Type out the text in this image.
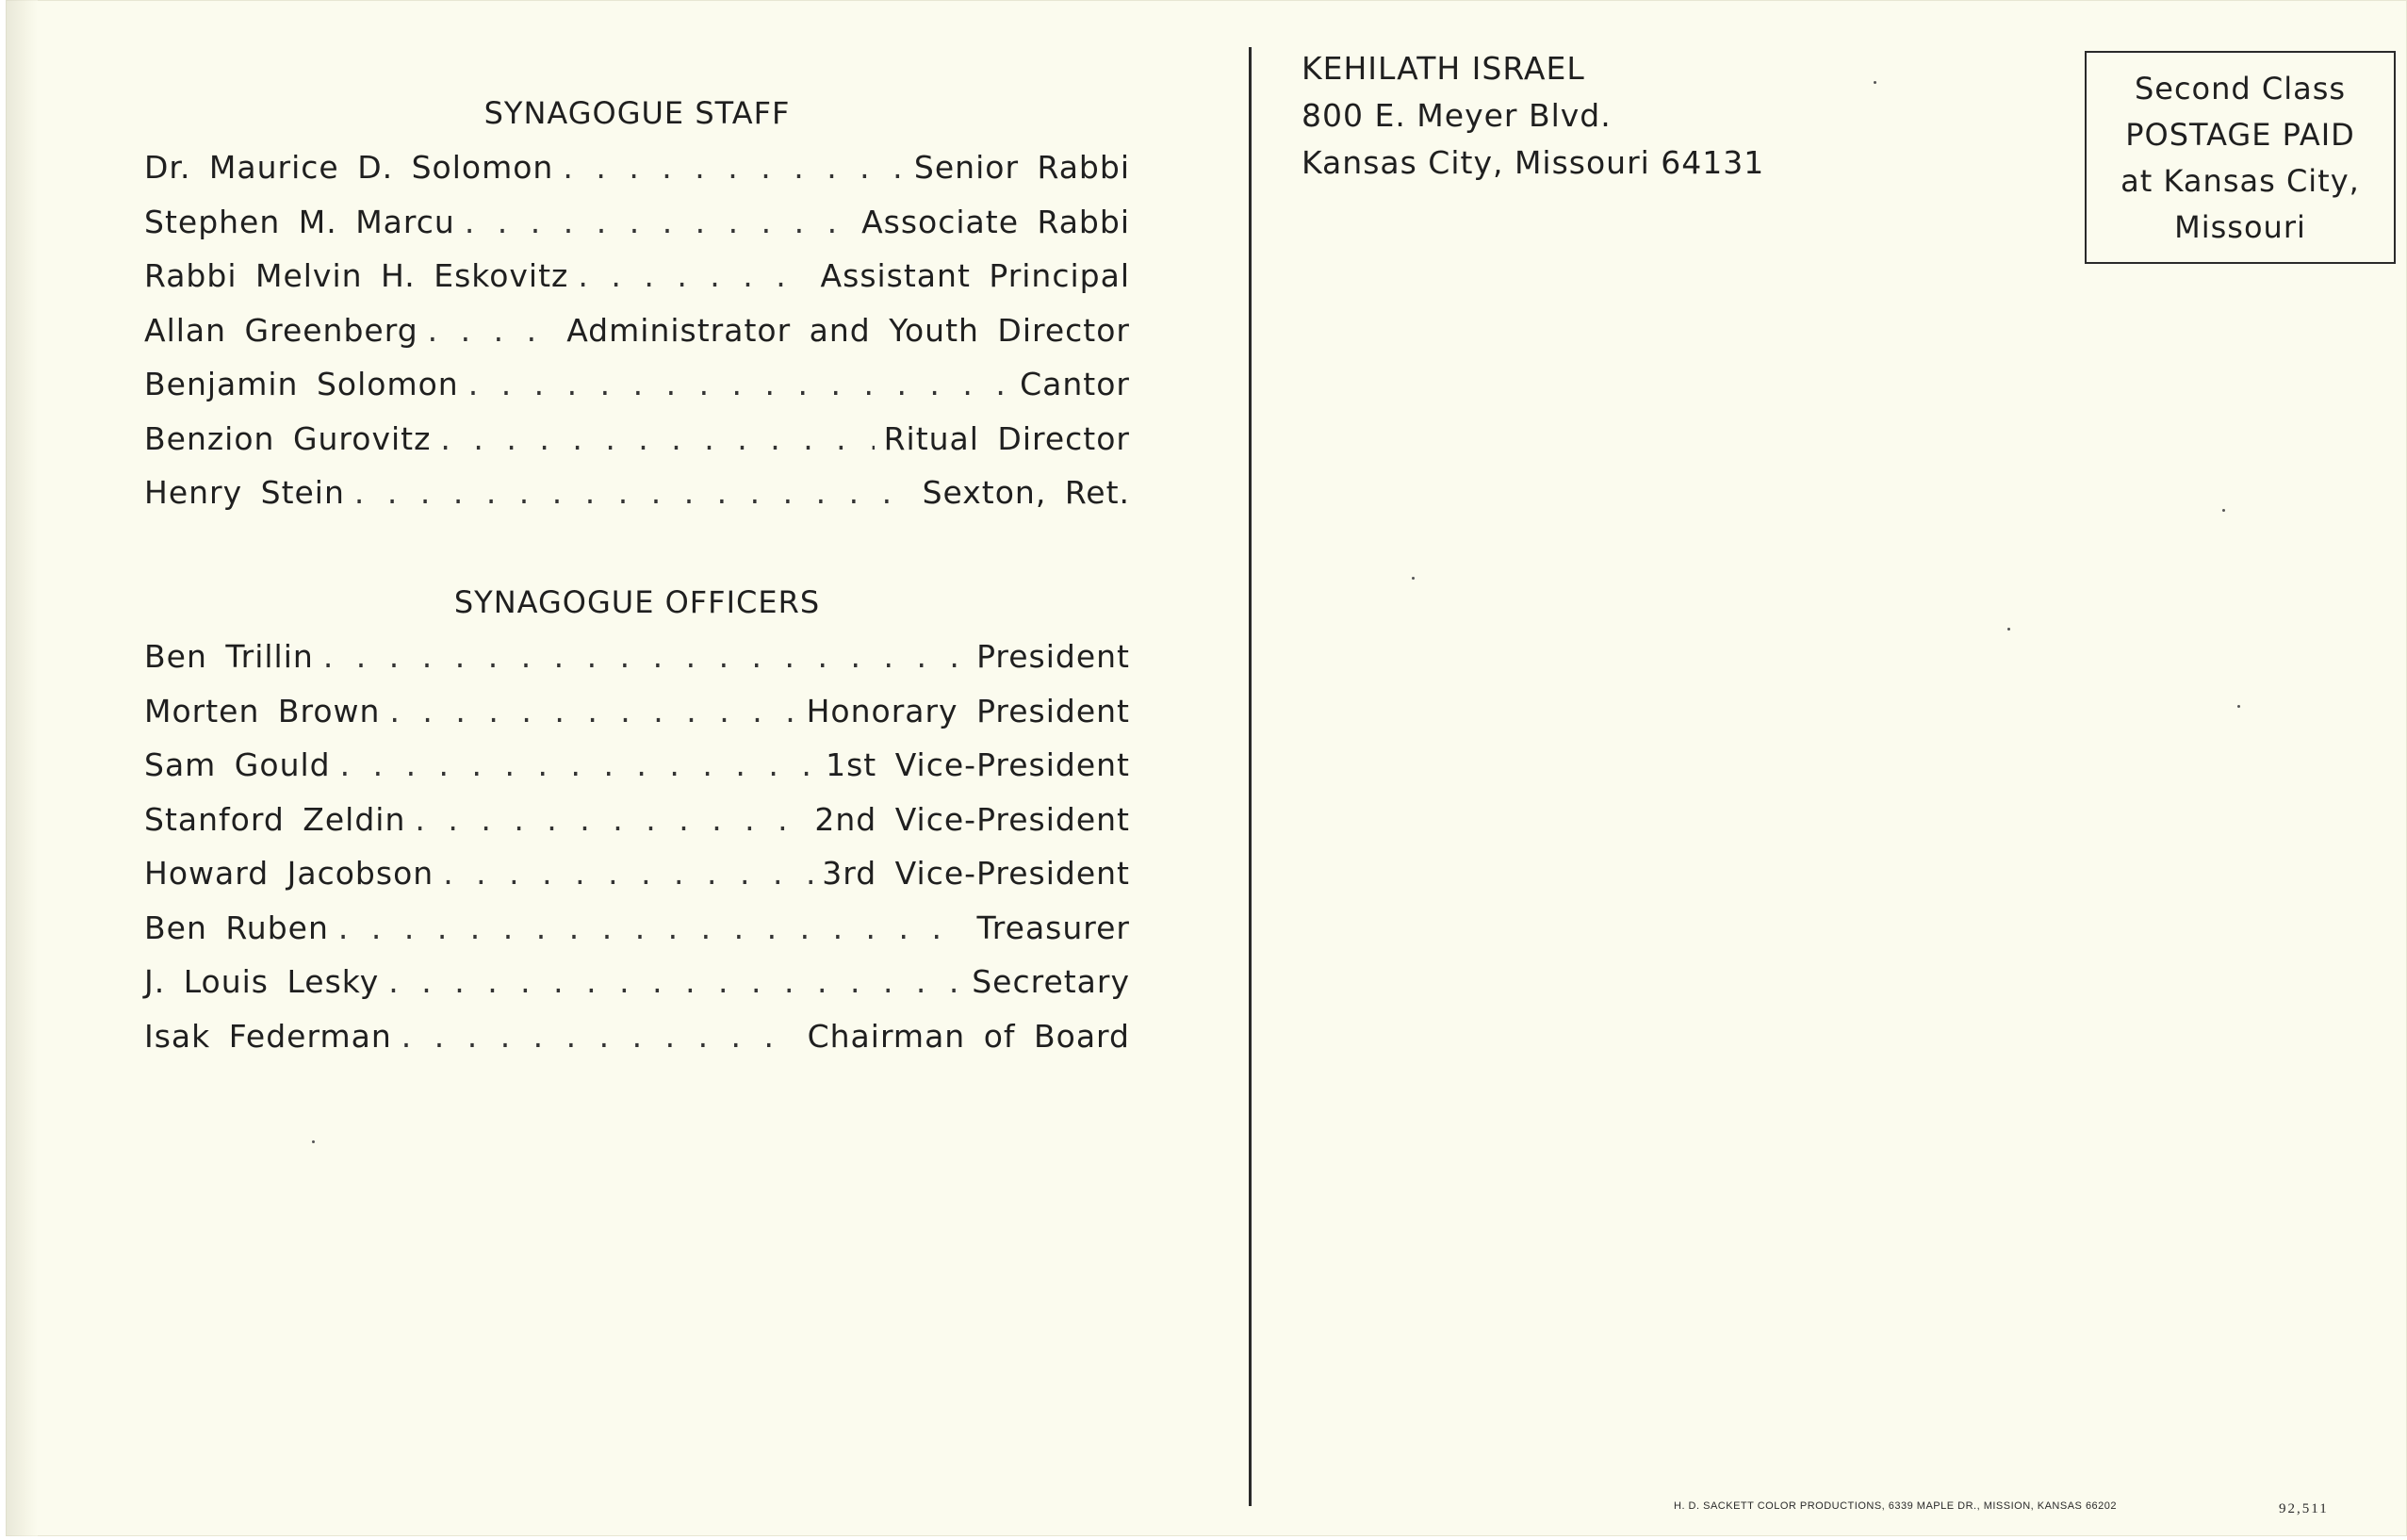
SYNAGOGUE STAFF
Dr. Maurice D. Solomon . . .	Senior Rabbi
Stephen M. Marcu . . .	Associate Rabbi
Rabbi Melvin H. Eskovitz . . .	Assistant Principal
Allan Greenberg . . .	Administrator and Youth Director
Benjamin Solomon . . .	Cantor
Benzion Gurovitz . . .	Ritual Director
Henry Stein . . .	Sexton, Ret.
SYNAGOGUE OFFICERS
Ben Trillin . . .	President
Morten Brown . . .	Honorary President
Sam Gould . . .	1st Vice-President
Stanford Zeldin . . .	2nd Vice-President
Howard Jacobson . . .	3rd Vice-President
Ben Ruben . . .	Treasurer
J. Louis Lesky . . .	Secretary
Isak Federman . . .	Chairman of Board
KEHILATH ISRAEL
800 E. Meyer Blvd.
Kansas City, Missouri 64131
Second Class
POSTAGE PAID
at Kansas City,
Missouri
H. D. SACKETT COLOR PRODUCTIONS, 6339 MAPLE DR., MISSION, KANSAS 66202	92,511
